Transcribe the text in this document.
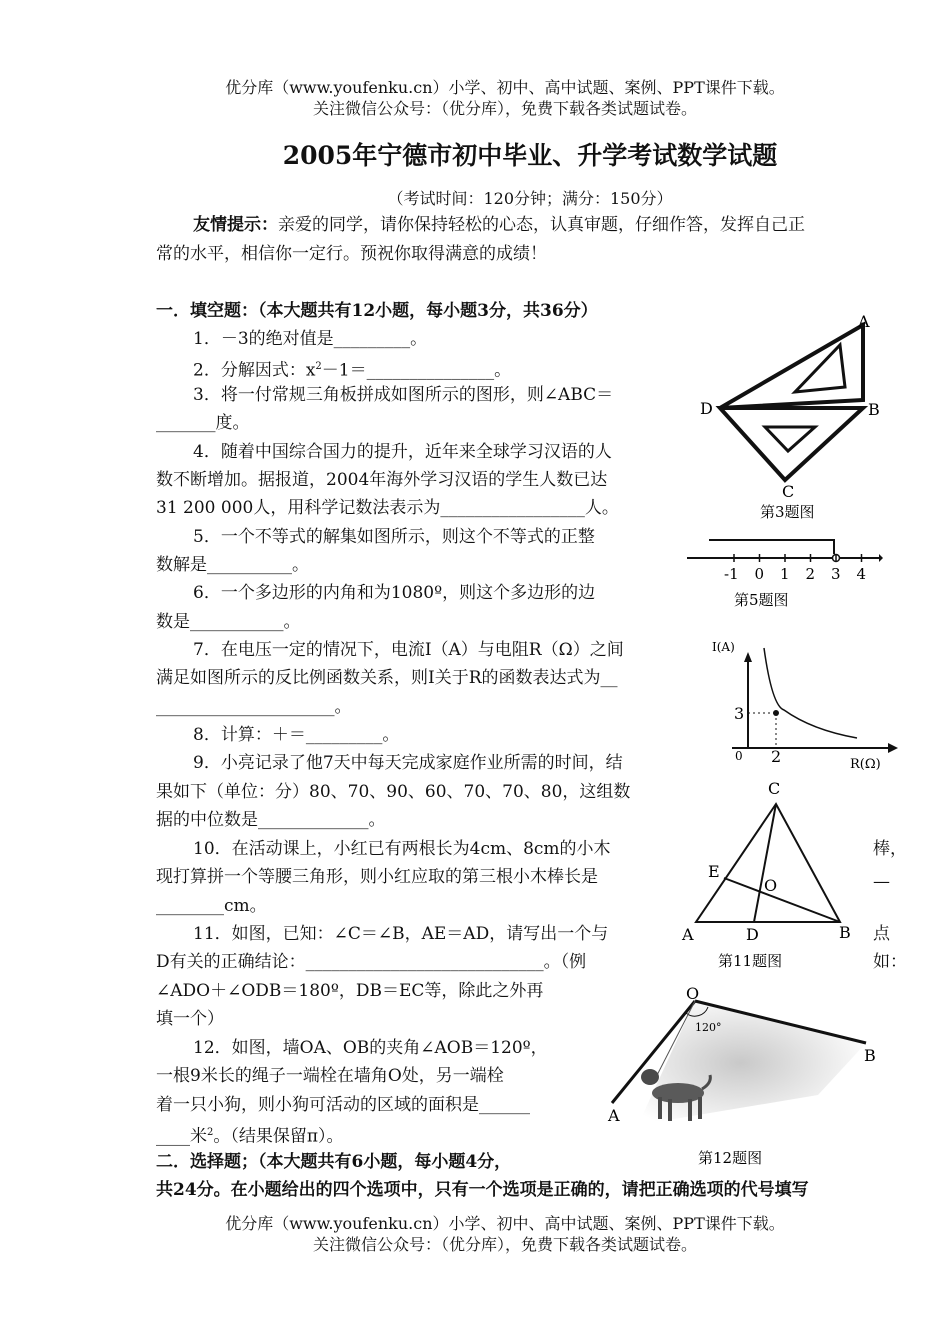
优分库（www.youfenku.cn）小学、初中、高中试题、案例、PPT课件下载。
关注微信公众号：（优分库），免费下载各类试题试卷。
2005年宁德市初中毕业、升学考试数学试题
（考试时间：120分钟；满分：150分）
友情提示：亲爱的同学，请你保持轻松的心态，认真审题，仔细作答，发挥自己正
常的水平，相信你一定行。预祝你取得满意的成绩！
一．填空题：（本大题共有12小题，每小题3分，共36分）
1．－3的绝对值是_________。
2．分解因式：$x^2-1=\_\_\_\_\_\_\_\_\_\_\_\_\_\_\_$。
3．将一付常规三角板拼成如图所示的图形，则∠ABC＝
_______度。
4．随着中国综合国力的提升，近年来全球学习汉语的人
数不断增加。据报道，2004年海外学习汉语的学生人数已达
31 200 000人，用科学记数法表示为_________________人。
5．一个不等式的解集如图所示，则这个不等式的正整
数解是__________。
6．一个多边形的内角和为1080º，则这个多边形的边
数是___________。
7．在电压一定的情况下，电流I（A）与电阻R（Ω）之间
满足如图所示的反比例函数关系，则I关于R的函数表达式为__
_____________________。
8．计算：＋＝_________。
9．小亮记录了他7天中每天完成家庭作业所需的时间，结
果如下（单位：分）80、70、90、60、70、70、80，这组数
据的中位数是_____________。
10．在活动课上，小红已有两根长为4cm、8cm的小木	棒，
现打算拼一个等腰三角形，则小红应取的第三根小木棒长是	—
________cm。
11．如图，已知：∠C＝∠B，AE＝AD，请写出一个与	点
D有关的正确结论：____________________________。（例	如：
∠ADO＋∠ODB＝180º，DB＝EC等，除此之外再
填一个）
12．如图，墙OA、OB的夹角∠AOB＝120º，
一根9米长的绳子一端栓在墙角O处，另一端栓
着一只小狗，则小狗可活动的区域的面积是______
____米$^2$。（结果保留π）。
二．选择题；（本大题共有6小题，每小题4分，
共24分。在小题给出的四个选项中，只有一个选项是正确的，请把正确选项的代号填写
A
B
C
D
第3题图
-1 0 1 2 3 4
第5题图
I(A)
3
2
0
R(Ω)
C
E
O
A	D	B
第11题图
120°
O
A
B
第12题图
优分库（www.youfenku.cn）小学、初中、高中试题、案例、PPT课件下载。
关注微信公众号：（优分库），免费下载各类试题试卷。
